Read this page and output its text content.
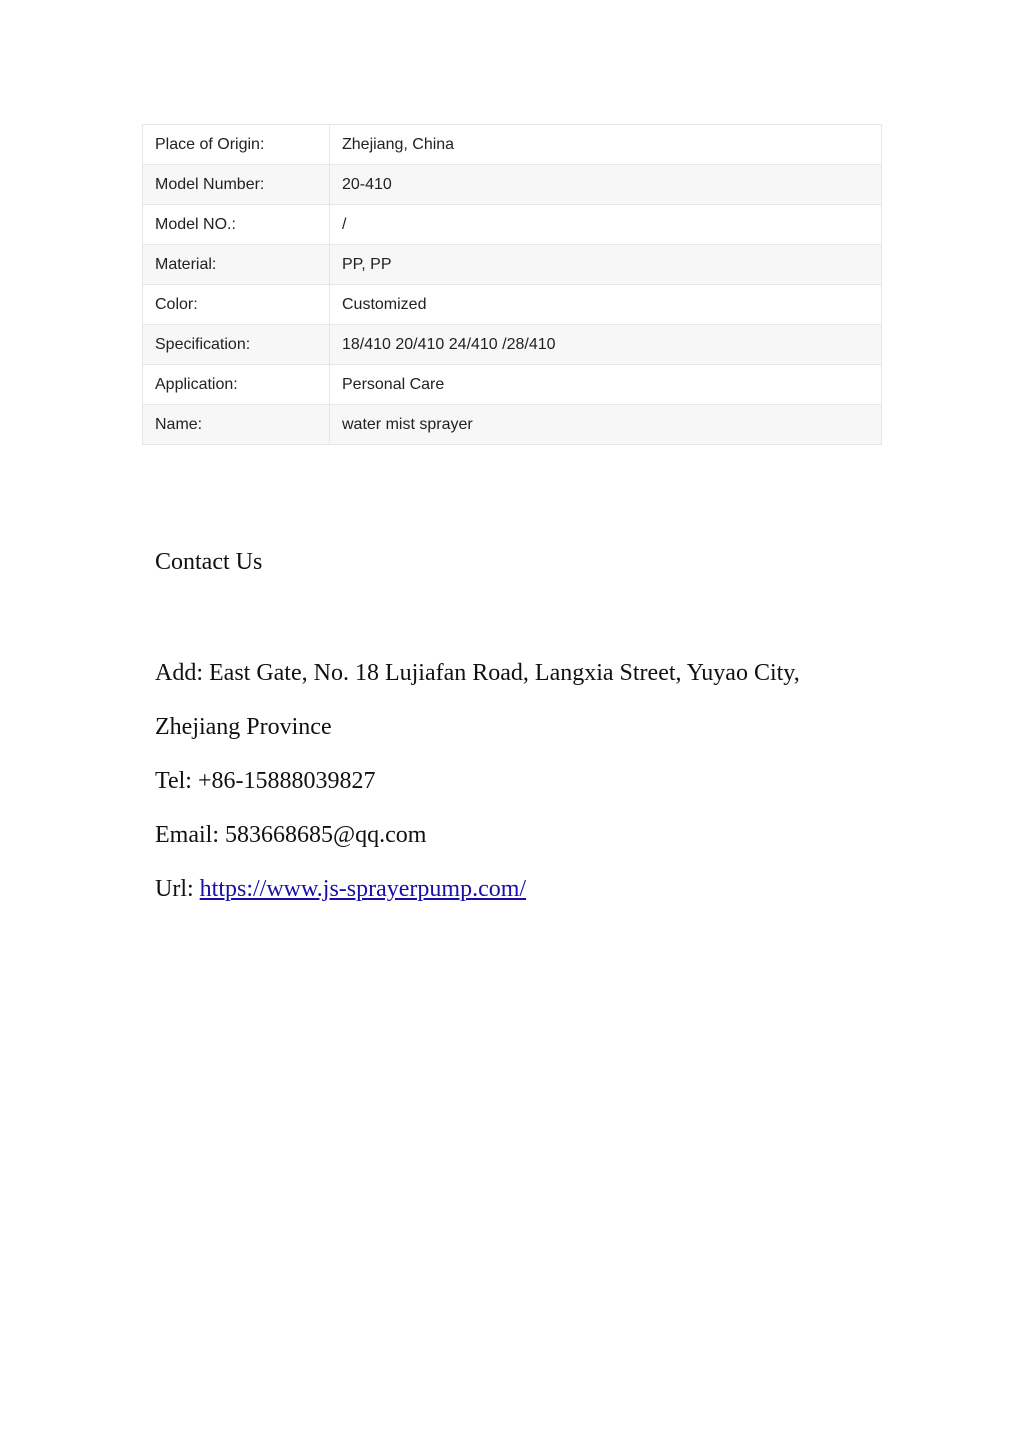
Place of Origin:	Zhejiang, China
Model Number:	20-410
Model NO.:	/
Material:	PP, PP
Color:	Customized
Specification:	18/410 20/410 24/410 /28/410
Application:	Personal Care
Name:	water mist sprayer

Contact Us

Add: East Gate, No. 18 Lujiafan Road, Langxia Street, Yuyao City,

Zhejiang Province

Tel: +86-15888039827

Email: 583668685@qq.com

Url: https://www.js-sprayerpump.com/
